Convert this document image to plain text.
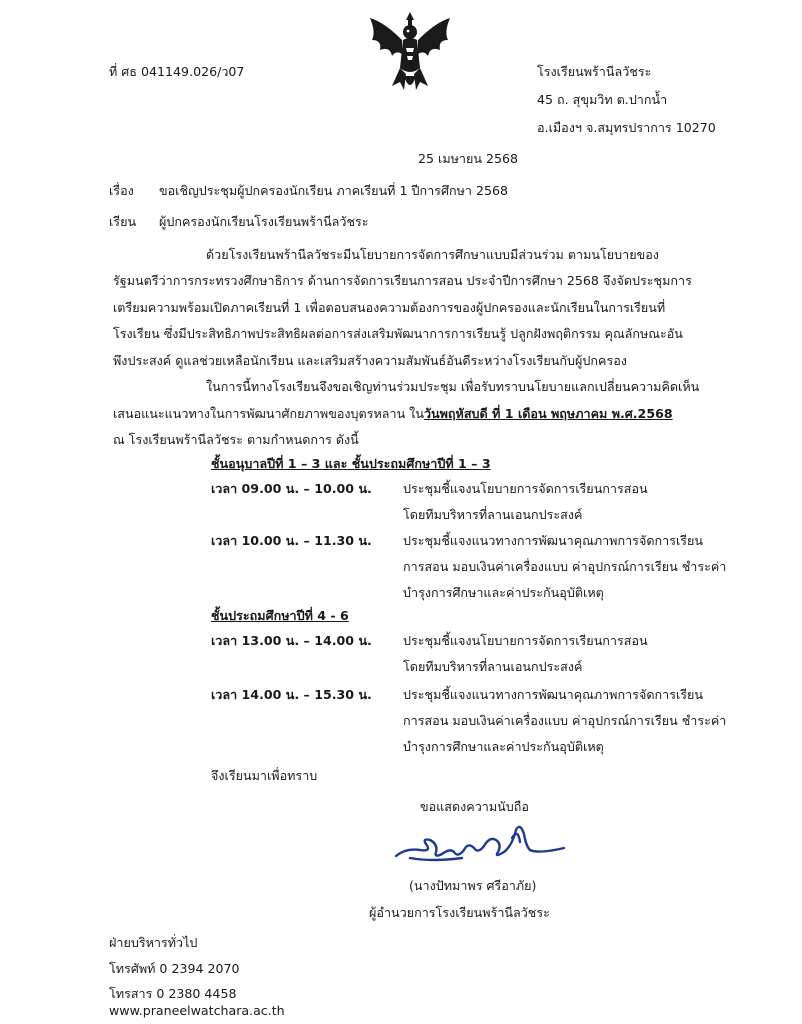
ที่ ศธ 041149.026/ว07	โรงเรียนพร้านีลวัชระ
45 ถ. สุขุมวิท ต.ปากน้ำ
อ.เมืองฯ จ.สมุทรปราการ 10270
25 เมษายน 2568
เรื่อง ขอเชิญประชุมผู้ปกครองนักเรียน ภาคเรียนที่ 1 ปีการศึกษา 2568
เรียน ผู้ปกครองนักเรียนโรงเรียนพร้านีลวัชระ
ด้วยโรงเรียนพร้านีลวัชระมีนโยบายการจัดการศึกษาแบบมีส่วนร่วม ตามนโยบายของ
รัฐมนตรีว่าการกระทรวงศึกษาธิการ ด้านการจัดการเรียนการสอน ประจำปีการศึกษา 2568 จึงจัดประชุมการ
เตรียมความพร้อมเปิดภาคเรียนที่ 1 เพื่อตอบสนองความต้องการของผู้ปกครองและนักเรียนในการเรียนที่
โรงเรียน ซึ่งมีประสิทธิภาพประสิทธิผลต่อการส่งเสริมพัฒนาการการเรียนรู้ ปลูกฝังพฤติกรรม คุณลักษณะอัน
พึงประสงค์ ดูแลช่วยเหลือนักเรียน และเสริมสร้างความสัมพันธ์อันดีระหว่างโรงเรียนกับผู้ปกครอง
ในการนี้ทางโรงเรียนจึงขอเชิญท่านร่วมประชุม เพื่อรับทราบนโยบายแลกเปลี่ยนความคิดเห็น
เสนอแนะแนวทางในการพัฒนาศักยภาพของบุตรหลาน ในวันพฤหัสบดี ที่ 1 เดือน พฤษภาคม พ.ศ.2568
ณ โรงเรียนพร้านีลวัชระ ตามกำหนดการ ดังนี้
ชั้นอนุบาลปีที่ 1 – 3 และ ชั้นประถมศึกษาปีที่ 1 – 3
เวลา 09.00 น. – 10.00 น. ประชุมชี้แจงนโยบายการจัดการเรียนการสอน
โดยทีมบริหารที่ลานเอนกประสงค์
เวลา 10.00 น. – 11.30 น. ประชุมชี้แจงแนวทางการพัฒนาคุณภาพการจัดการเรียน
การสอน มอบเงินค่าเครื่องแบบ ค่าอุปกรณ์การเรียน ชำระค่า
บำรุงการศึกษาและค่าประกันอุบัติเหตุ
ชั้นประถมศึกษาปีที่ 4 - 6
เวลา 13.00 น. – 14.00 น. ประชุมชี้แจงนโยบายการจัดการเรียนการสอน
โดยทีมบริหารที่ลานเอนกประสงค์
เวลา 14.00 น. – 15.30 น. ประชุมชี้แจงแนวทางการพัฒนาคุณภาพการจัดการเรียน
การสอน มอบเงินค่าเครื่องแบบ ค่าอุปกรณ์การเรียน ชำระค่า
บำรุงการศึกษาและค่าประกันอุบัติเหตุ
จึงเรียนมาเพื่อทราบ
ขอแสดงความนับถือ
(นางปัทมาพร ศรีอาภัย)
ผู้อำนวยการโรงเรียนพร้านีลวัชระ
ฝ่ายบริหารทั่วไป
โทรศัพท์ 0 2394 2070
โทรสาร 0 2380 4458
www.praneelwatchara.ac.th
